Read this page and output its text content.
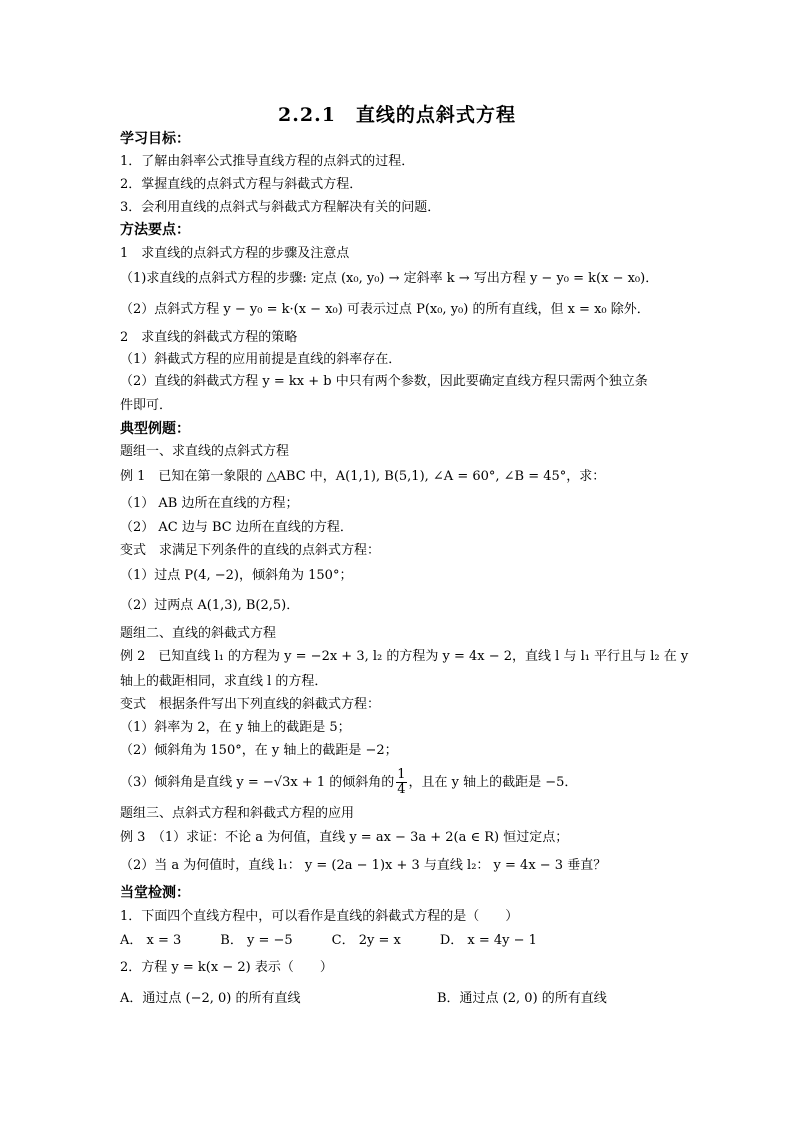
2.2.1　直线的点斜式方程
学习目标：
1．了解由斜率公式推导直线方程的点斜式的过程．
2．掌握直线的点斜式方程与斜截式方程．
3．会利用直线的点斜式与斜截式方程解决有关的问题．
方法要点：
1　求直线的点斜式方程的步骤及注意点
（1)求直线的点斜式方程的步骤: 定点 (x₀, y₀) → 定斜率 k → 写出方程 y − y₀ = k(x − x₀)．
（2）点斜式方程 y − y₀ = k·(x − x₀) 可表示过点 P(x₀, y₀) 的所有直线，但 x = x₀ 除外．
2　求直线的斜截式方程的策略
（1）斜截式方程的应用前提是直线的斜率存在．
（2）直线的斜截式方程 y = kx + b 中只有两个参数，因此要确定直线方程只需两个独立条
件即可．
典型例题：
题组一、求直线的点斜式方程
例 1　已知在第一象限的 △ABC 中，A(1,1), B(5,1), ∠A = 60°, ∠B = 45°，求：
（1） AB 边所在直线的方程；
（2） AC 边与 BC 边所在直线的方程．
变式　求满足下列条件的直线的点斜式方程：
（1）过点 P(4, −2)，倾斜角为 150°；
（2）过两点 A(1,3), B(2,5)．
题组二、直线的斜截式方程
例 2　已知直线 l₁ 的方程为 y = −2x + 3, l₂ 的方程为 y = 4x − 2，直线 l 与 l₁ 平行且与 l₂ 在 y
轴上的截距相同，求直线 l 的方程．
变式　根据条件写出下列直线的斜截式方程：
（1）斜率为 2，在 y 轴上的截距是 5；
（2）倾斜角为 150°，在 y 轴上的截距是 −2；
（3）倾斜角是直线 y = −√3x + 1 的倾斜角的 $\frac{1}{4}$ ，且在 y 轴上的截距是 −5．
题组三、点斜式方程和斜截式方程的应用
例 3　（1）求证：不论 a 为何值，直线 y = ax − 3a + 2(a ∈ R) 恒过定点；
（2）当 a 为何值时，直线 l₁： y = (2a − 1)x + 3 与直线 l₂： y = 4x − 3 垂直？
当堂检测：
1．下面四个直线方程中，可以看作是直线的斜截式方程的是（　　）
A． x = 3　　　B． y = −5　　　C． 2y = x　　　D． x = 4y − 1
2．方程 y = k(x − 2) 表示（　　）
A．通过点 (−2, 0) 的所有直线	B．通过点 (2, 0) 的所有直线
